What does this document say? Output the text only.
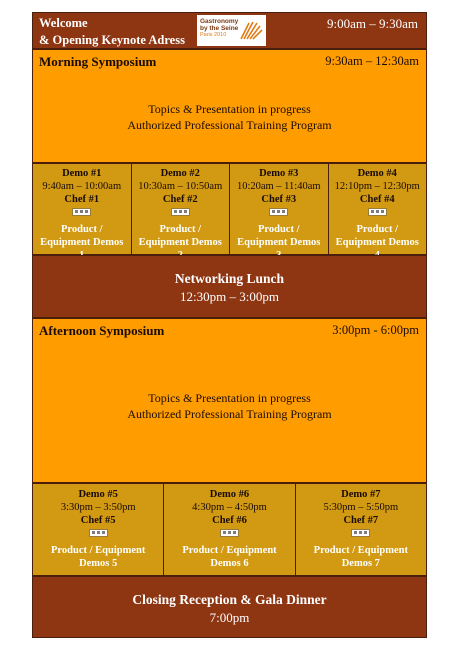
Welcome
& Opening Keynote Adress
Gastronomy
by the Seine
Paris 2010
9:00am – 9:30am
Morning Symposium	9:30am – 12:30am
Topics & Presentation in progress
Authorized Professional Training Program
Demo #1
9:40am – 10:00am
Chef #1
Product /
Equipment Demos
Demo #2
10:30am – 10:50am
Chef #2
Product /
Equipment Demos
Demo #3
10:20am – 11:40am
Chef #3
Product /
Equipment Demos
Demo #4
12:10pm – 12:30pm
Chef #4
Product /
Equipment Demos
Networking Lunch
12:30pm – 3:00pm
Afternoon Symposium	3:00pm - 6:00pm
Topics & Presentation in progress
Authorized Professional Training Program
Demo #5
3:30pm – 3:50pm
Chef #5
Product / Equipment
Demos 5
Demo #6
4:30pm – 4:50pm
Chef #6
Product / Equipment
Demos 6
Demo #7
5:30pm – 5:50pm
Chef #7
Product / Equipment
Demos 7
Closing Reception & Gala Dinner
7:00pm
